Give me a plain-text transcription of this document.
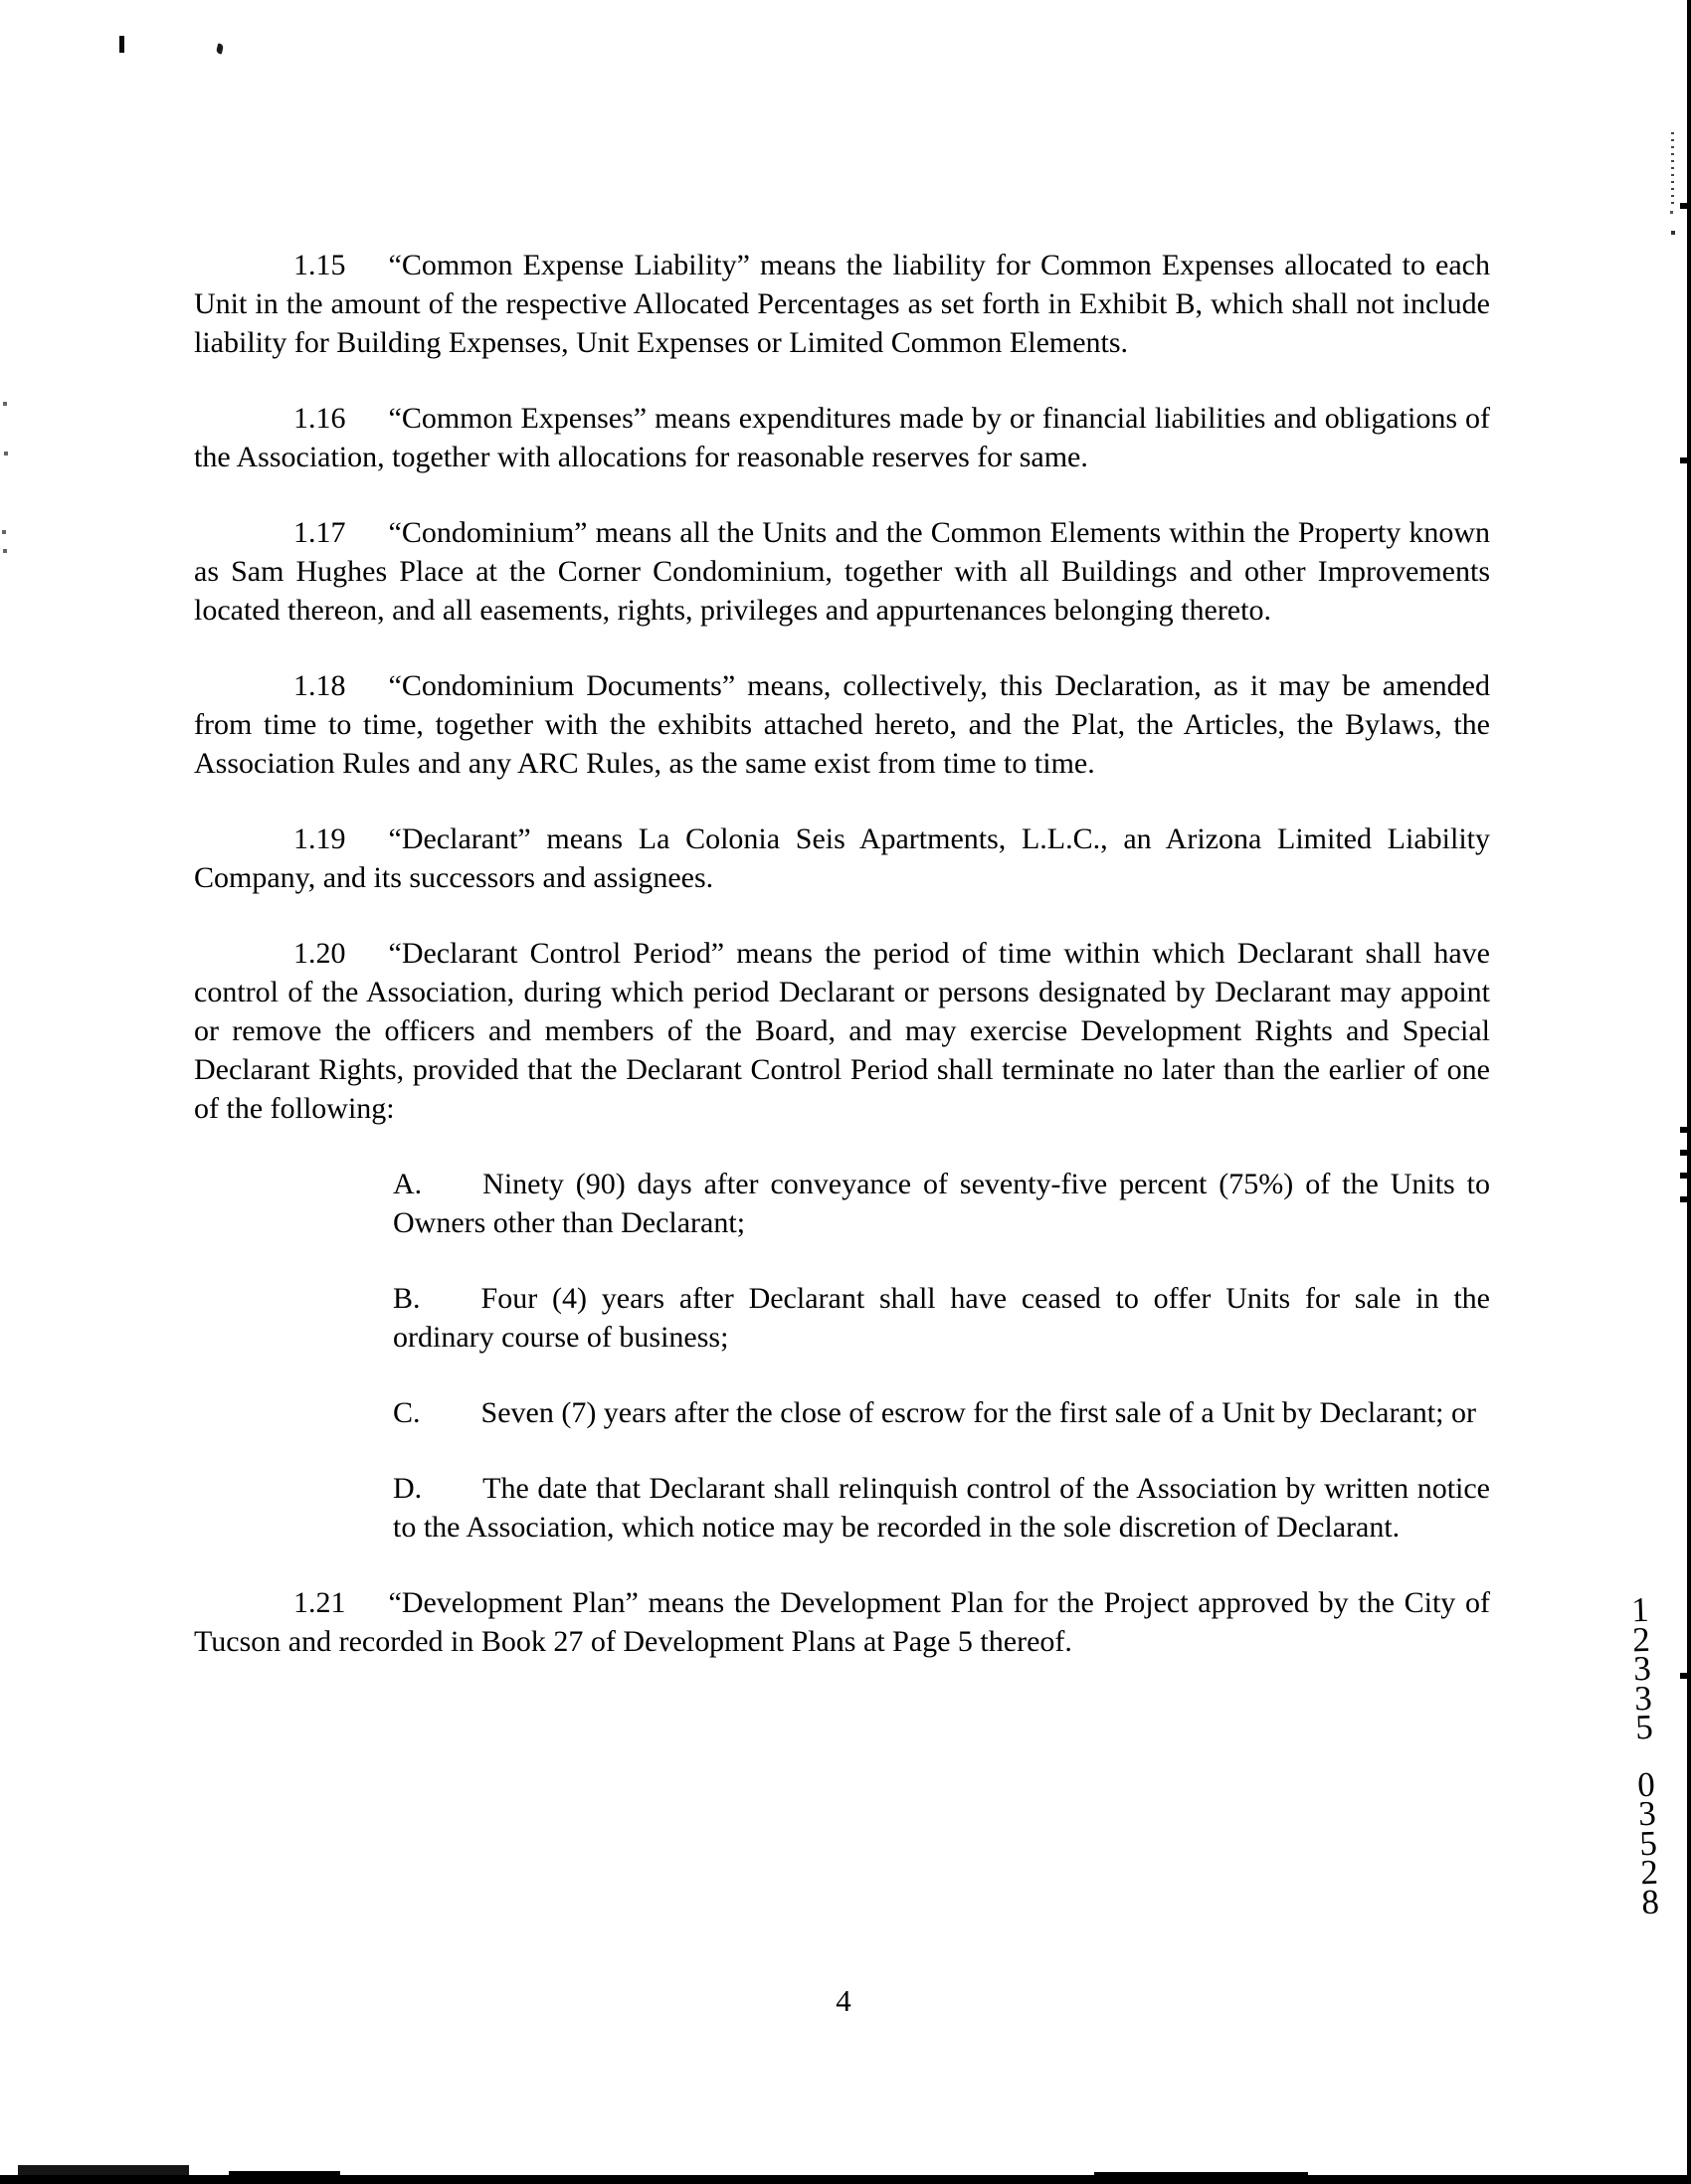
1.15 “Common Expense Liability” means the liability for Common Expenses allocated to each Unit in the amount of the respective Allocated Percentages as set forth in Exhibit B, which shall not include liability for Building Expenses, Unit Expenses or Limited Common Elements.

1.16 “Common Expenses” means expenditures made by or financial liabilities and obligations of the Association, together with allocations for reasonable reserves for same.

1.17 “Condominium” means all the Units and the Common Elements within the Property known as Sam Hughes Place at the Corner Condominium, together with all Buildings and other Improvements located thereon, and all easements, rights, privileges and appurtenances belonging thereto.

1.18 “Condominium Documents” means, collectively, this Declaration, as it may be amended from time to time, together with the exhibits attached hereto, and the Plat, the Articles, the Bylaws, the Association Rules and any ARC Rules, as the same exist from time to time.

1.19 “Declarant” means La Colonia Seis Apartments, L.L.C., an Arizona Limited Liability Company, and its successors and assignees.

1.20 “Declarant Control Period” means the period of time within which Declarant shall have control of the Association, during which period Declarant or persons designated by Declarant may appoint or remove the officers and members of the Board, and may exercise Development Rights and Special Declarant Rights, provided that the Declarant Control Period shall terminate no later than the earlier of one of the following:

A. Ninety (90) days after conveyance of seventy-five percent (75%) of the Units to Owners other than Declarant;

B. Four (4) years after Declarant shall have ceased to offer Units for sale in the ordinary course of business;

C. Seven (7) years after the close of escrow for the first sale of a Unit by Declarant; or

D. The date that Declarant shall relinquish control of the Association by written notice to the Association, which notice may be recorded in the sole discretion of Declarant.

1.21 “Development Plan” means the Development Plan for the Project approved by the City of Tucson and recorded in Book 27 of Development Plans at Page 5 thereof.

4
1
2
3
3
5
0
3
5
2
8
